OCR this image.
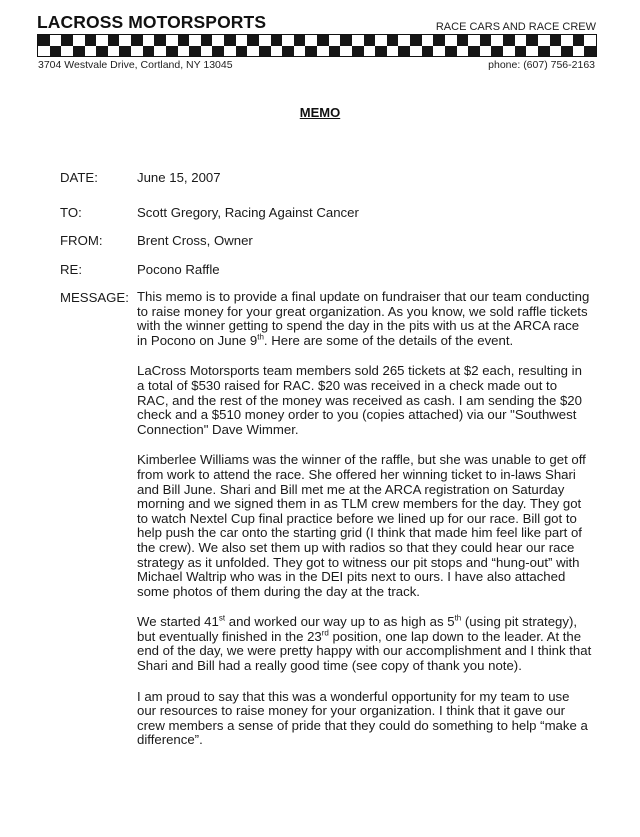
LACROSS MOTORSPORTS	RACE CARS AND RACE CREW
3704 Westvale Drive, Cortland, NY 13045	phone: (607) 756-2163
MEMO
DATE:	June 15, 2007
TO:	Scott Gregory, Racing Against Cancer
FROM:	Brent Cross, Owner
RE:	Pocono Raffle
MESSAGE: This memo is to provide a final update on fundraiser that our team conducting to raise money for your great organization. As you know, we sold raffle tickets with the winner getting to spend the day in the pits with us at the ARCA race in Pocono on June 9th. Here are some of the details of the event.

LaCross Motorsports team members sold 265 tickets at $2 each, resulting in a total of $530 raised for RAC. $20 was received in a check made out to RAC, and the rest of the money was received as cash. I am sending the $20 check and a $510 money order to you (copies attached) via our "Southwest Connection" Dave Wimmer.

Kimberlee Williams was the winner of the raffle, but she was unable to get off from work to attend the race. She offered her winning ticket to in-laws Shari and Bill June. Shari and Bill met me at the ARCA registration on Saturday morning and we signed them in as TLM crew members for the day. They got to watch Nextel Cup final practice before we lined up for our race. Bill got to help push the car onto the starting grid (I think that made him feel like part of the crew). We also set them up with radios so that they could hear our race strategy as it unfolded. They got to witness our pit stops and “hung-out” with Michael Waltrip who was in the DEI pits next to ours. I have also attached some photos of them during the day at the track.

We started 41st and worked our way up to as high as 5th (using pit strategy), but eventually finished in the 23rd position, one lap down to the leader. At the end of the day, we were pretty happy with our accomplishment and I think that Shari and Bill had a really good time (see copy of thank you note).

I am proud to say that this was a wonderful opportunity for my team to use our resources to raise money for your organization. I think that it gave our crew members a sense of pride that they could do something to help “make a difference”.
